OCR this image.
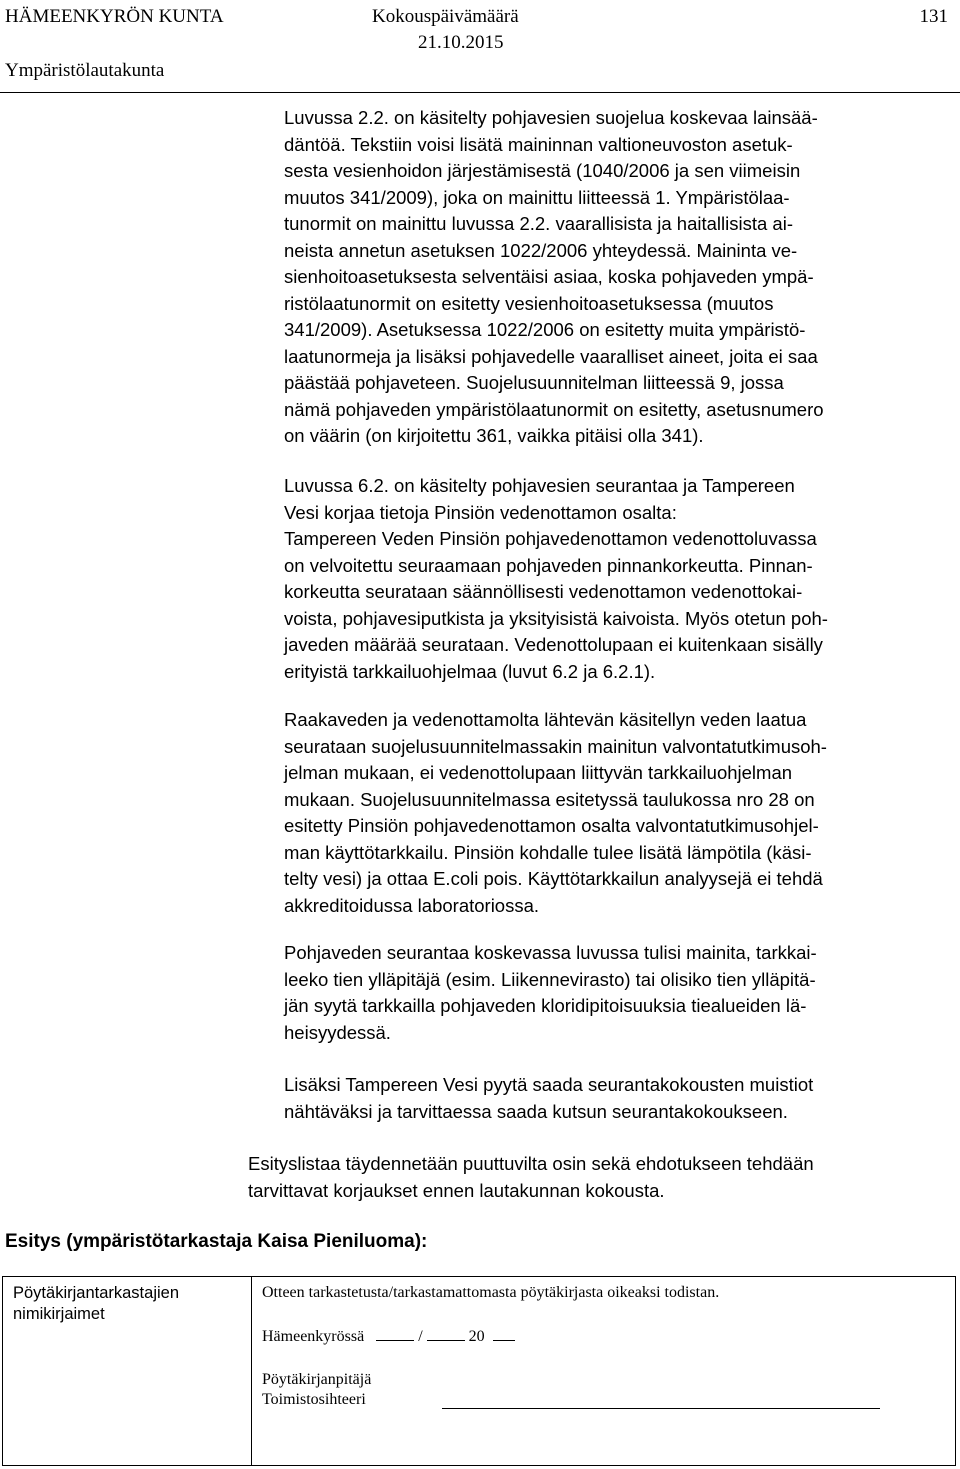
HÄMEENKYRÖN KUNTA	Kokouspäivämäärä
21.10.2015
131
Ympäristölautakunta
Luvussa 2.2. on käsitelty pohjavesien suojelua koskevaa lainsää-
däntöä. Tekstiin voisi lisätä maininnan valtioneuvoston asetuk-
sesta vesienhoidon järjestämisestä (1040/2006 ja sen viimeisin
muutos 341/2009), joka on mainittu liitteessä 1. Ympäristölaa-
tunormit on mainittu luvussa 2.2. vaarallisista ja haitallisista ai-
neista annetun asetuksen 1022/2006 yhteydessä. Maininta ve-
sienhoitoasetuksesta selventäisi asiaa, koska pohjaveden ympä-
ristölaatunormit on esitetty vesienhoitoasetuksessa (muutos
341/2009). Asetuksessa 1022/2006 on esitetty muita ympäristö-
laatunormeja ja lisäksi pohjavedelle vaaralliset aineet, joita ei saa
päästää pohjaveteen. Suojelusuunnitelman liitteessä 9, jossa
nämä pohjaveden ympäristölaatunormit on esitetty, asetusnumero
on väärin (on kirjoitettu 361, vaikka pitäisi olla 341).
Luvussa 6.2. on käsitelty pohjavesien seurantaa ja Tampereen
Vesi korjaa tietoja Pinsiön vedenottamon osalta:
Tampereen Veden Pinsiön pohjavedenottamon vedenottoluvassa
on velvoitettu seuraamaan pohjaveden pinnankorkeutta. Pinnan-
korkeutta seurataan säännöllisesti vedenottamon vedenottokai-
voista, pohjavesiputkista ja yksityisistä kaivoista. Myös otetun poh-
javeden määrää seurataan. Vedenottolupaan ei kuitenkaan sisälly
erityistä tarkkailuohjelmaa (luvut 6.2 ja 6.2.1).
Raakaveden ja vedenottamolta lähtevän käsitellyn veden laatua
seurataan suojelusuunnitelmassakin mainitun valvontatutkimusoh-
jelman mukaan, ei vedenottolupaan liittyvän tarkkailuohjelman
mukaan. Suojelusuunnitelmassa esitetyssä taulukossa nro 28 on
esitetty Pinsiön pohjavedenottamon osalta valvontatutkimusohjel-
man käyttötarkkailu. Pinsiön kohdalle tulee lisätä lämpötila (käsi-
telty vesi) ja ottaa E.coli pois. Käyttötarkkailun analyysejä ei tehdä
akkreditoidussa laboratoriossa.
Pohjaveden seurantaa koskevassa luvussa tulisi mainita, tarkkai-
leeko tien ylläpitäjä (esim. Liikennevirasto) tai olisiko tien ylläpitä-
jän syytä tarkkailla pohjaveden kloridipitoisuuksia tiealueiden lä-
heisyydessä.
Lisäksi Tampereen Vesi pyytä saada seurantakokousten muistiot
nähtäväksi ja tarvittaessa saada kutsun seurantakokoukseen.
Esityslistaa täydennetään puuttuvilta osin sekä ehdotukseen tehdään
tarvittavat korjaukset ennen lautakunnan kokousta.
Esitys (ympäristötarkastaja Kaisa Pieniluoma):
Pöytäkirjantarkastajien
nimikirjaimet
Otteen tarkastetusta/tarkastamattomasta pöytäkirjasta oikeaksi todistan.
Hämeenkyrössä	/	20
Pöytäkirjanpitäjä
Toimistosihteeri
